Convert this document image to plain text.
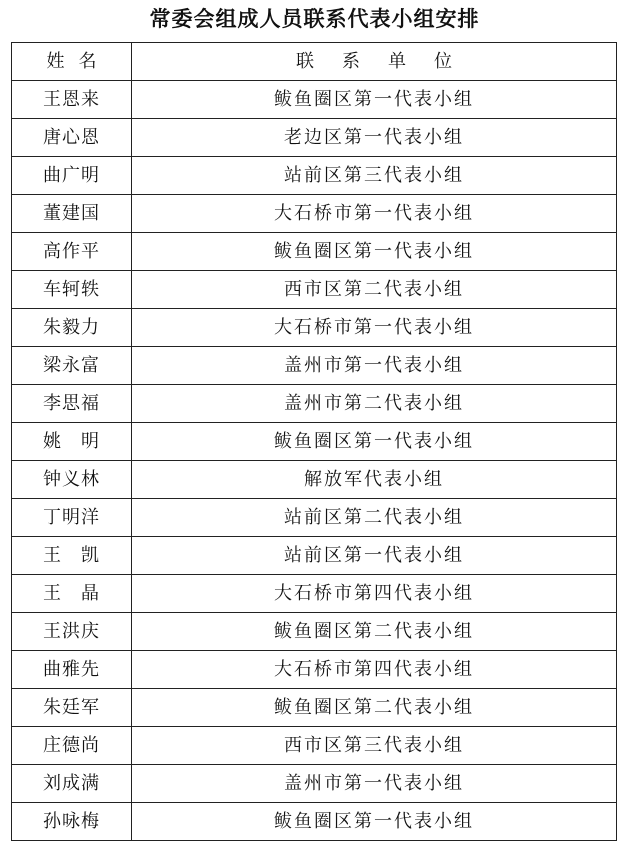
常委会组成人员联系代表小组安排
姓名	联系单位
王恩来	鲅鱼圈区第一代表小组
唐心恩	老边区第一代表小组
曲广明	站前区第三代表小组
董建国	大石桥市第一代表小组
高作平	鲅鱼圈区第一代表小组
车轲轶	西市区第二代表小组
朱毅力	大石桥市第一代表小组
梁永富	盖州市第一代表小组
李思福	盖州市第二代表小组
姚　明	鲅鱼圈区第一代表小组
钟义林	解放军代表小组
丁明洋	站前区第二代表小组
王　凯	站前区第一代表小组
王　晶	大石桥市第四代表小组
王洪庆	鲅鱼圈区第二代表小组
曲雅先	大石桥市第四代表小组
朱廷军	鲅鱼圈区第二代表小组
庄德尚	西市区第三代表小组
刘成满	盖州市第一代表小组
孙咏梅	鲅鱼圈区第一代表小组
